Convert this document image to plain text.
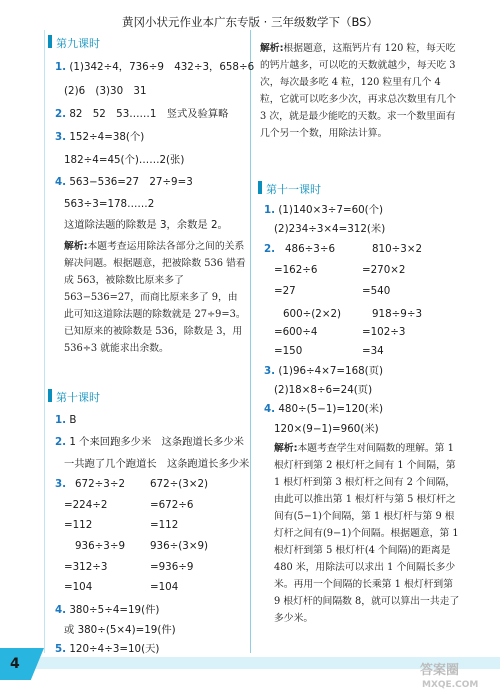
黄冈小状元作业本广东专版 · 三年级数学下（BS）
第九课时
1. (1)342÷4，736÷9　432÷3，658÷6
(2)6　(3)30　31
2. 82　52　53……1　竖式及验算略
3. 152÷4=38(个)
182÷4=45(个)……2(张)
4. 563−536=27　27÷9=3
563÷3=178……2
这道除法题的除数是 3，余数是 2。
解析:本题考查运用除法各部分之间的关系解决问题。根据题意，把被除数 536 错看成 563，被除数比原来多了 563−536=27，而商比原来多了 9，由此可知这道除法题的除数就是 27÷9=3。已知原来的被除数是 536，除数是 3，用 536÷3 就能求出余数。
第十课时
1. B
2. 1 个来回跑多少米　这条跑道长多少米
一共跑了几个跑道长　这条跑道长多少米
3. 672÷3÷2 672÷(3×2)
=224÷2	=672÷6
=112	=112
936÷3÷9 936÷(3×9)
=312÷3	=936÷9
=104	=104
4. 380÷5÷4=19(件)
或 380÷(5×4)=19(件)
5. 120÷4÷3=10(天)
解析:根据题意，这瓶钙片有 120 粒，每天吃的钙片越多，可以吃的天数就越少，每天吃 3 次，每次最多吃 4 粒，120 粒里有几个 4 粒，它就可以吃多少次，再求总次数里有几个 3 次，就是最少能吃的天数。求一个数里面有几个另一个数，用除法计算。
第十一课时
1. (1)140×3÷7=60(个)
(2)234÷3×4=312(米)
2. 486÷3÷6	810÷3×2
=162÷6	=270×2
=27	=540
600÷(2×2)	918÷9÷3
=600÷4	=102÷3
=150	=34
3. (1)96÷4×7=168(页)
(2)18×8÷6=24(页)
4. 480÷(5−1)=120(米)
120×(9−1)=960(米)
解析:本题考查学生对间隔数的理解。第 1 根灯杆到第 2 根灯杆之间有 1 个间隔，第 1 根灯杆到第 3 根灯杆之间有 2 个间隔，由此可以推出第 1 根灯杆与第 5 根灯杆之间有(5−1)个间隔，第 1 根灯杆与第 9 根灯杆之间有(9−1)个间隔。根据题意，第 1 根灯杆到第 5 根灯杆(4 个间隔)的距离是 480 米，用除法可以求出 1 个间隔长多少米。再用一个间隔的长乘第 1 根灯杆到第 9 根灯杆的间隔数 8，就可以算出一共走了多少米。
4	答案圈
MXQE.COM
